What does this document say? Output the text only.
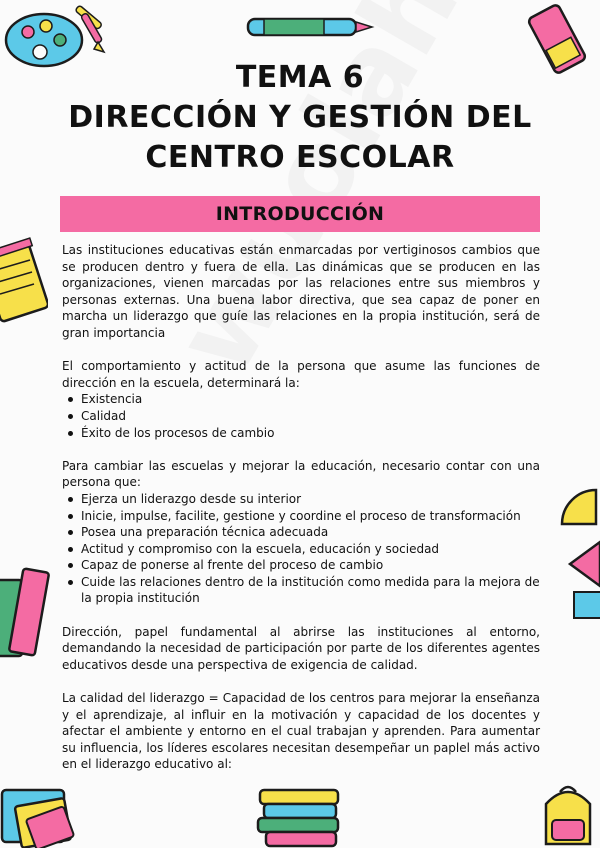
TEMA 6
DIRECCIÓN Y GESTIÓN DEL
CENTRO ESCOLAR
INTRODUCCIÓN

Las instituciones educativas están enmarcadas por vertiginosos cambios que se producen dentro y fuera de ella. Las dinámicas que se producen en las organizaciones, vienen marcadas por las relaciones entre sus miembros y personas externas. Una buena labor directiva, que sea capaz de poner en marcha un liderazgo que guíe las relaciones en la propia institución, será de gran importancia

El comportamiento y actitud de la persona que asume las funciones de dirección en la escuela, determinará la:
Existencia
Calidad
Éxito de los procesos de cambio
Para cambiar las escuelas y mejorar la educación, necesario contar con una persona que:
Ejerza un liderazgo desde su interior
Inicie, impulse, facilite, gestione y coordine el proceso de transformación
Posea una preparación técnica adecuada
Actitud y compromiso con la escuela, educación y sociedad
Capaz de ponerse al frente del proceso de cambio
Cuide las relaciones dentro de la institución como medida para la mejora de la propia institución

Dirección, papel fundamental al abrirse las instituciones al entorno, demandando la necesidad de participación por parte de los diferentes agentes educativos desde una perspectiva de exigencia de calidad.

La calidad del liderazgo = Capacidad de los centros para mejorar la enseñanza y el aprendizaje, al influir en la motivación y capacidad de los docentes y afectar el ambiente y entorno en el cual trabajan y aprenden. Para aumentar su influencia, los líderes escolares necesitan desempeñar un paplel más activo en el liderazgo educativo al:
